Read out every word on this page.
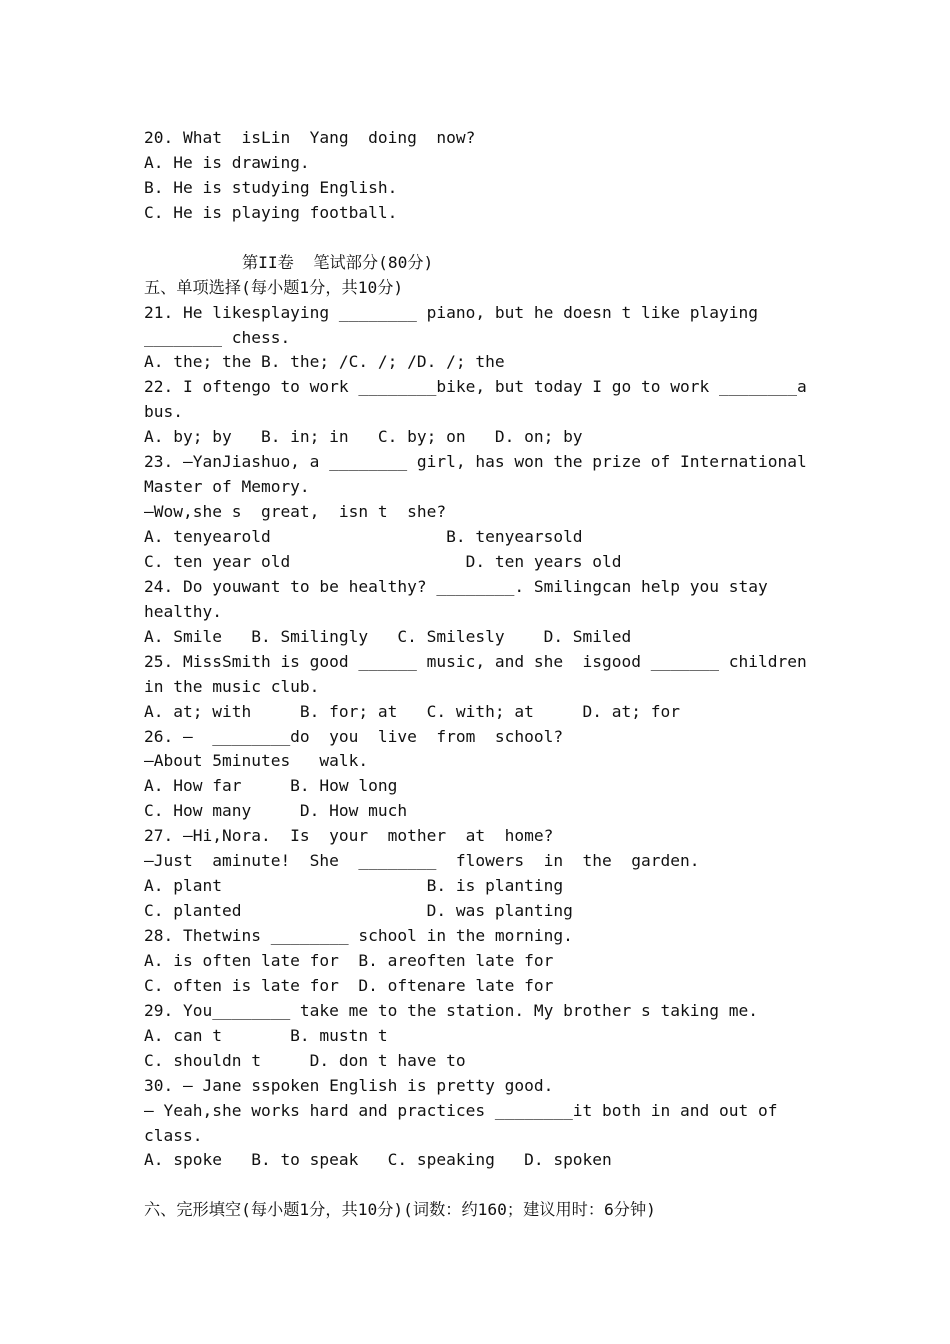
20. What  isLin  Yang  doing  now?
A. He is drawing.
B. He is studying English.
C. He is playing football.
第II卷  笔试部分(80分)
五、单项选择(每小题1分，共10分)
21. He likesplaying ________ piano, but he doesn t like playing
________ chess.
A. the; the B. the; /C. /; /D. /; the
22. I oftengo to work ________bike, but today I go to work ________a
bus.
A. by; by   B. in; in   C. by; on   D. on; by
23. —YanJiashuo, a ________ girl, has won the prize of International
Master of Memory.
—Wow,she s  great,  isn t  she?
A. tenyearold                  B. tenyearsold
C. ten year old                  D. ten years old
24. Do youwant to be healthy? ________. Smilingcan help you stay
healthy.
A. Smile   B. Smilingly   C. Smilesly    D. Smiled
25. MissSmith is good ______ music, and she  isgood _______ children
in the music club.
A. at; with     B. for; at   C. with; at     D. at; for
26. —  ________do  you  live  from  school?
—About 5minutes   walk.
A. How far     B. How long
C. How many     D. How much
27. —Hi,Nora.  Is  your  mother  at  home?
—Just  aminute!  She  ________  flowers  in  the  garden.
A. plant                     B. is planting
C. planted                   D. was planting
28. Thetwins ________ school in the morning.
A. is often late for  B. areoften late for
C. often is late for  D. oftenare late for
29. You________ take me to the station. My brother s taking me.
A. can t       B. mustn t
C. shouldn t     D. don t have to
30. — Jane sspoken English is pretty good.
— Yeah,she works hard and practices ________it both in and out of
class.
A. spoke   B. to speak   C. speaking   D. spoken
六、完形填空(每小题1分，共10分)(词数：约160；建议用时：6分钟)
